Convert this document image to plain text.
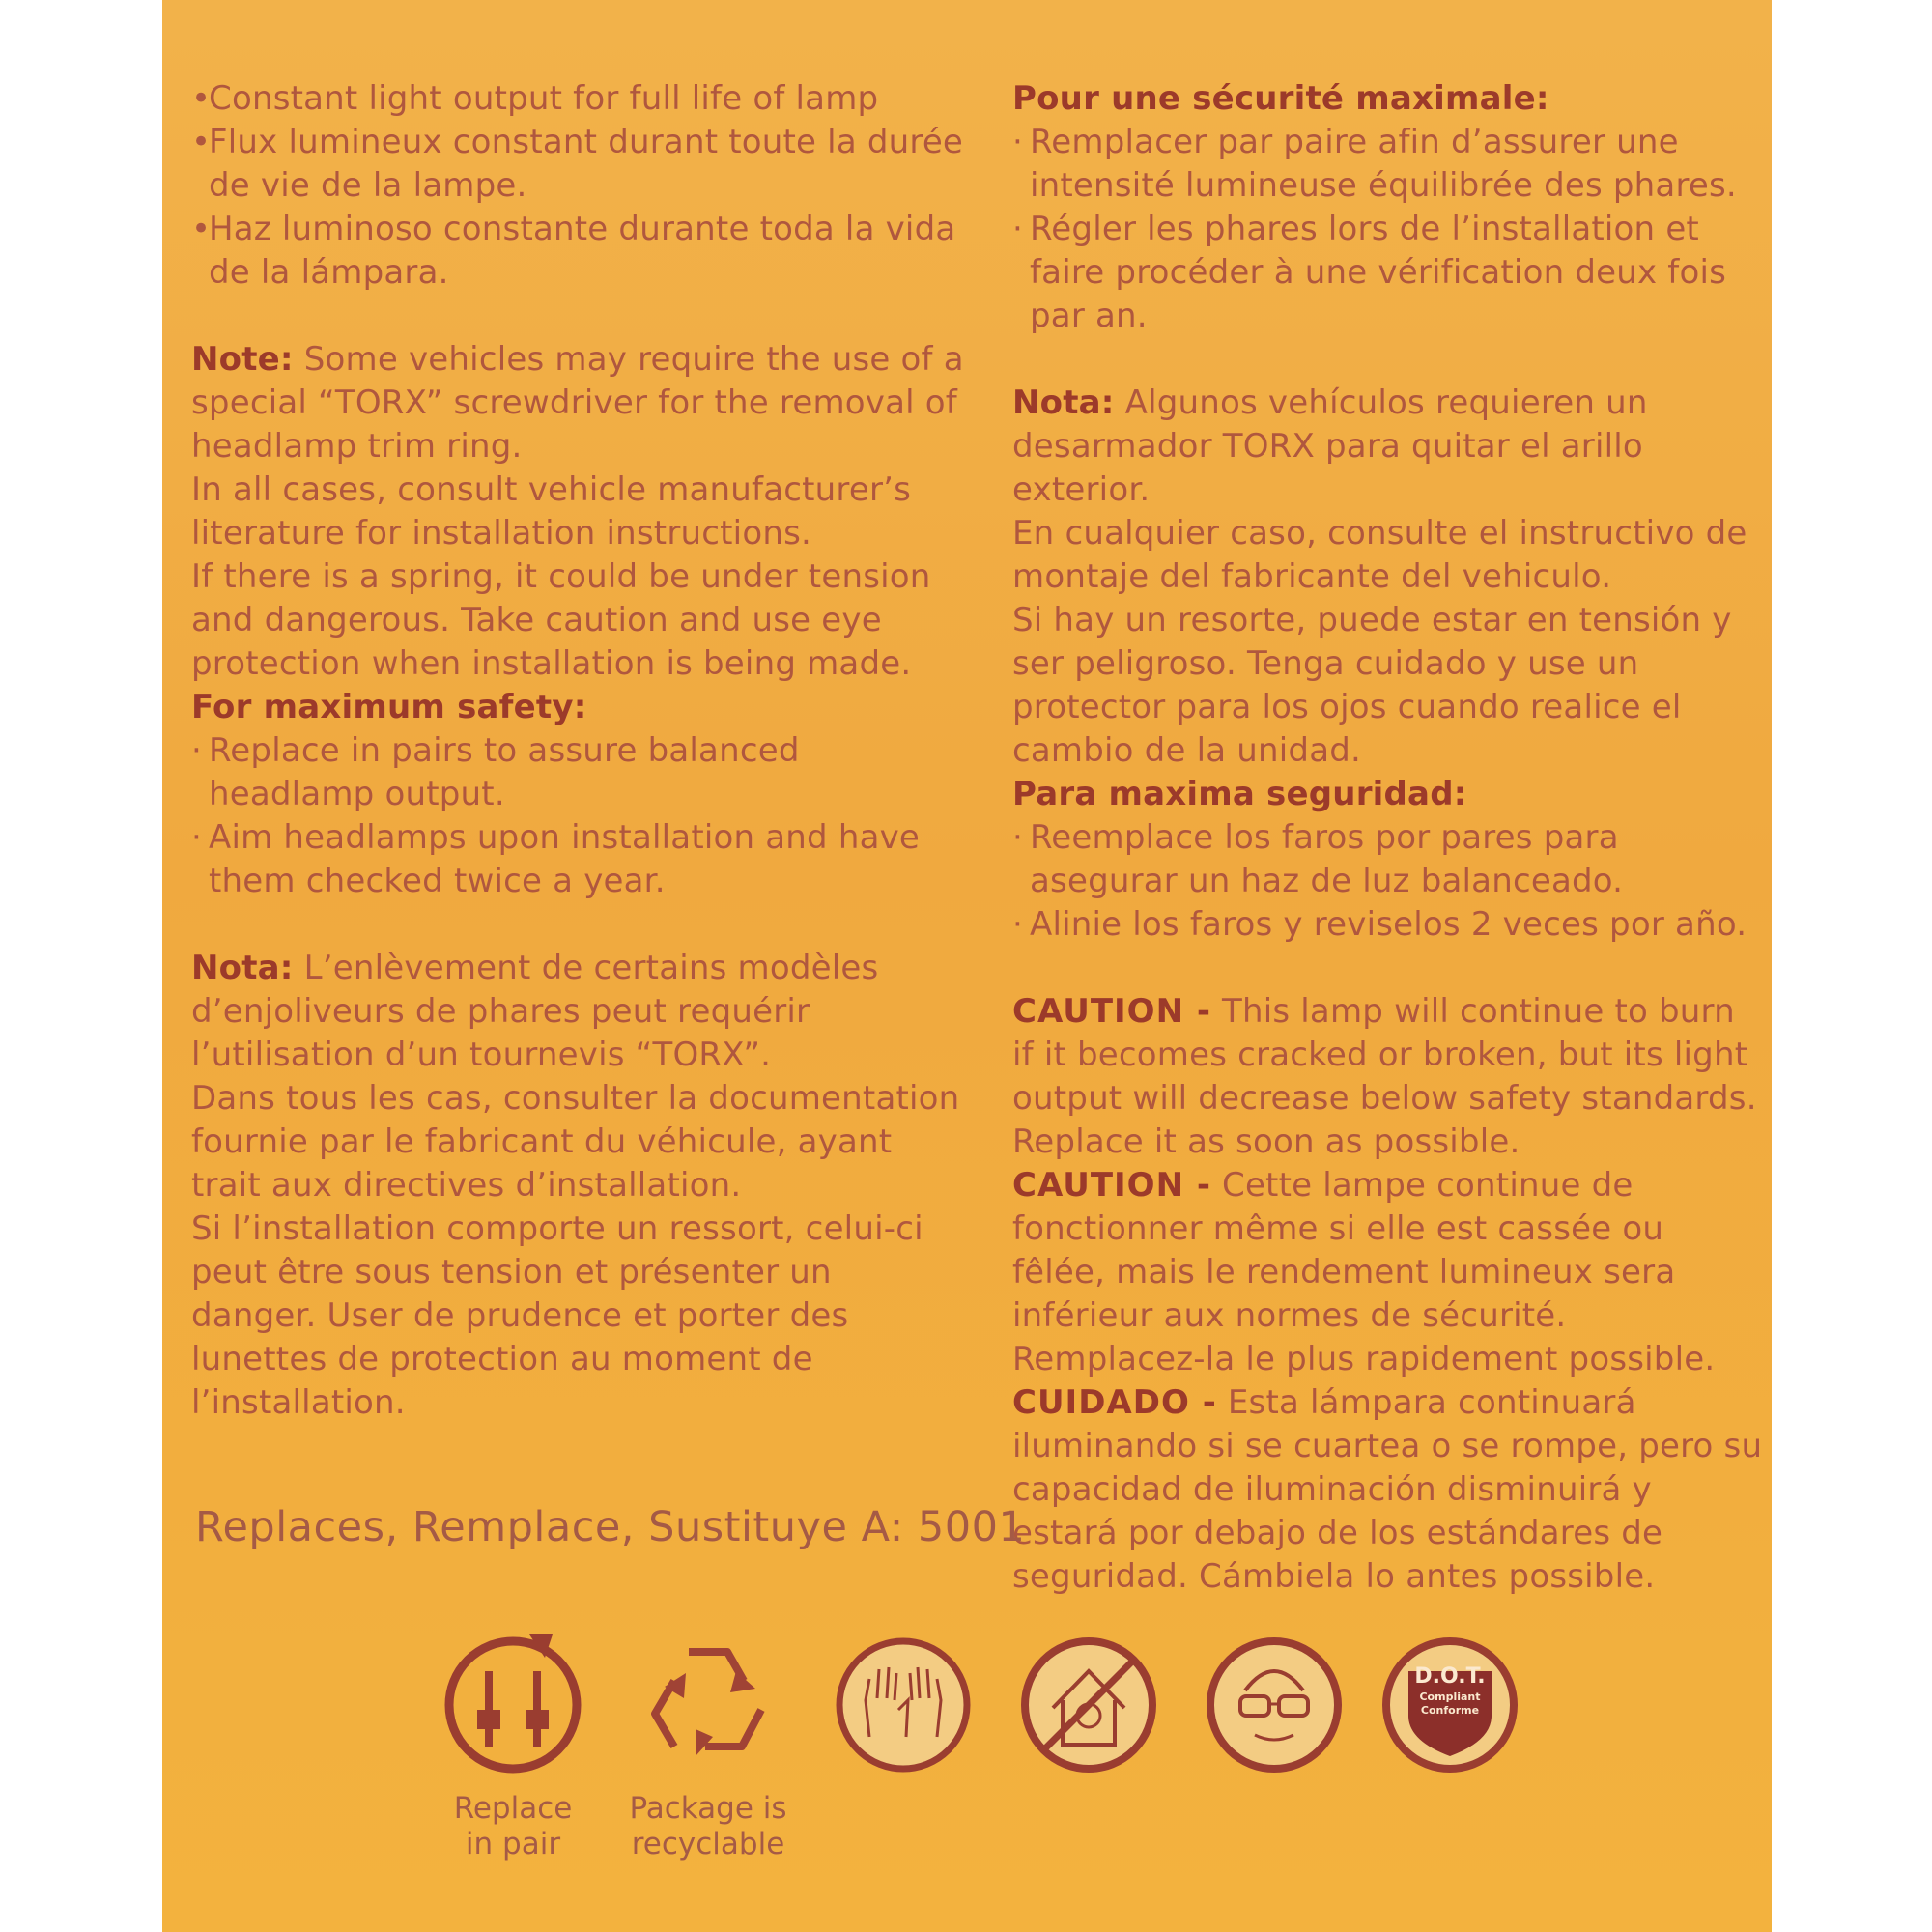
• Constant light output for full life of lamp
• Flux lumineux constant durant toute la durée de vie de la lampe.
• Haz luminoso constante durante toda la vida de la lámpara.

Note: Some vehicles may require the use of a special “TORX” screwdriver for the removal of headlamp trim ring.

In all cases, consult vehicle manufacturer’s literature for installation instructions.

If there is a spring, it could be under tension and dangerous. Take caution and use eye protection when installation is being made.

For maximum safety:

· Replace in pairs to assure balanced headlamp output.
· Aim headlamps upon installation and have them checked twice a year.

Nota: L’enlèvement de certains modèles d’enjoliveurs de phares peut requérir l’utilisation d’un tournevis “TORX”.

Dans tous les cas, consulter la documentation fournie par le fabricant du véhicule, ayant trait aux directives d’installation.

Si l’installation comporte un ressort, celui-ci peut être sous tension et présenter un danger. User de prudence et porter des lunettes de protection au moment de l’installation.

Pour une sécurité maximale:

· Remplacer par paire afin d’assurer une intensité lumineuse équilibrée des phares.
· Régler les phares lors de l’installation et faire procéder à une vérification deux fois par an.

Nota: Algunos vehículos requieren un desarmador TORX para quitar el arillo exterior.

En cualquier caso, consulte el instructivo de montaje del fabricante del vehiculo.

Si hay un resorte, puede estar en tensión y ser peligroso. Tenga cuidado y use un protector para los ojos cuando realice el cambio de la unidad.

Para maxima seguridad:

· Reemplace los faros por pares para asegurar un haz de luz balanceado.
· Alinie los faros y reviselos 2 veces por año.

CAUTION - This lamp will continue to burn if it becomes cracked or broken, but its light output will decrease below safety standards. Replace it as soon as possible.

CAUTION - Cette lampe continue de fonctionner même si elle est cassée ou fêlée, mais le rendement lumineux sera inférieur aux normes de sécurité. Remplacez-la le plus rapidement possible.

CUIDADO - Esta lámpara continuará iluminando si se cuartea o se rompe, pero su capacidad de iluminación disminuirá y estará por debajo de los estándares de seguridad. Cámbiela lo antes possible.

Replaces, Remplace, Sustituye A: 5001
Replace
in pair
Package is
recyclable
D.O.T.
Compliant
Conforme
